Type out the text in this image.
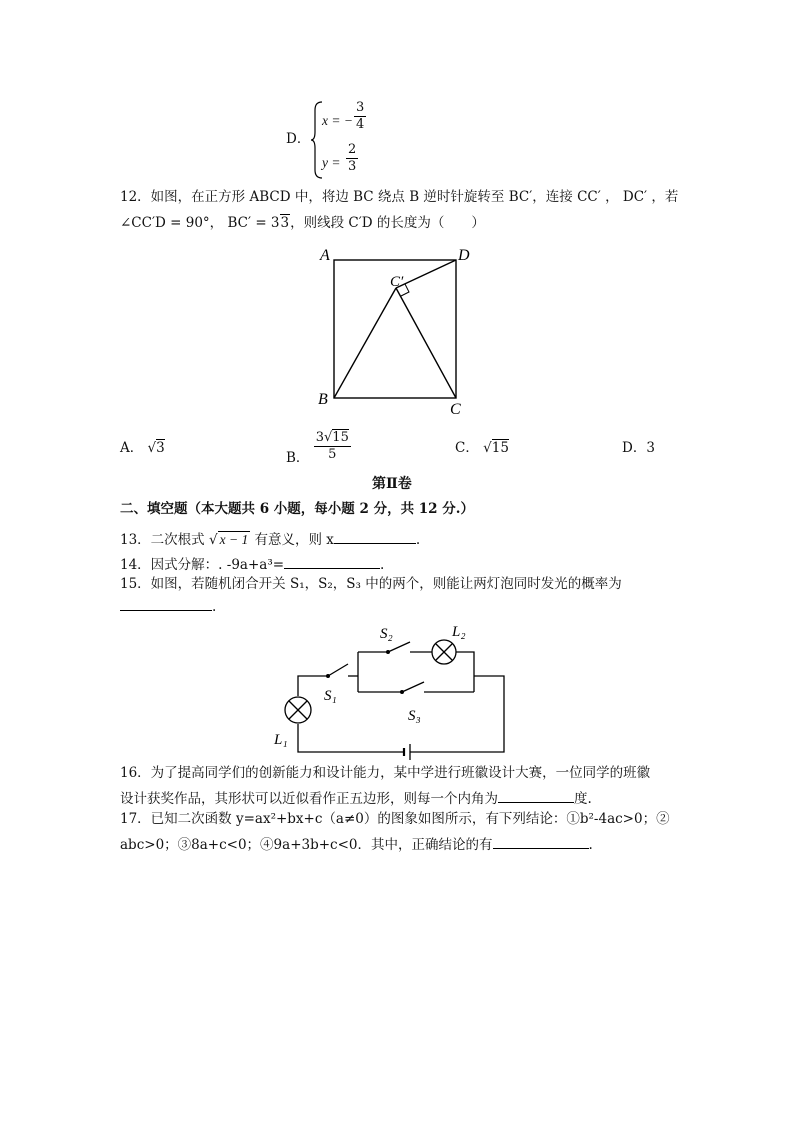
D．
x = − $\frac{3}{4}$
$y = \frac{2}{3}$
12．如图，在正方形 ABCD 中，将边 BC 绕点 B 逆时针旋转至 BC′，连接 CC′ ， DC′ ，若
∠CC′D = 90°， BC′ = 33，则线段 C′D 的长度为（　　）
A	D
C′
B
C
A． √3
B． $\frac{3√15}{5}$	C． √15	D．3
第Ⅱ卷
二、填空题（本大题共 6 小题，每小题 2 分，共 12 分.）
13．二次根式 √ x − 1 有意义，则 x	.
14．因式分解：. -9a+a³=	.
15．如图，若随机闭合开关 S₁，S₂，S₃ 中的两个，则能让两灯泡同时发光的概率为
.
S₁
S₂
S₃
L₁
L₂
16．为了提高同学们的创新能力和设计能力，某中学进行班徽设计大赛，一位同学的班徽
设计获奖作品，其形状可以近似看作正五边形，则每一个内角为	度.
17．已知二次函数 y=ax²+bx+c（a≠0）的图象如图所示，有下列结论：①b²-4ac>0；②
abc>0；③8a+c<0；④9a+3b+c<0．其中，正确结论的有	.
